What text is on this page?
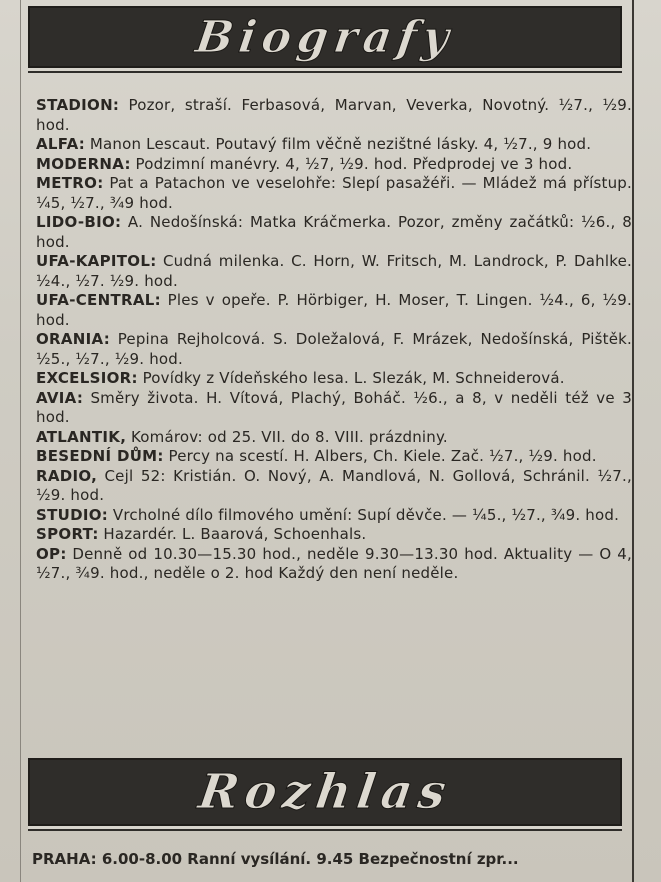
Biografy

STADION: Pozor, straší. Ferbasová, Marvan, Veverka, Novotný. ½7., ½9. hod.

ALFA: Manon Lescaut. Poutavý film věčně nezištné lásky. 4, ½7., 9 hod.

MODERNA: Podzimní manévry. 4, ½7, ½9. hod. Předprodej ve 3 hod.

METRO: Pat a Patachon ve veselohře: Slepí pasažéři. — Mládež má přístup. ¼5, ½7., ¾9 hod.

LIDO-BIO: A. Nedošínská: Matka Kráčmerka. Pozor, změny začátků: ½6., 8 hod.

UFA-KAPITOL: Cudná milenka. C. Horn, W. Fritsch, M. Landrock, P. Dahlke. ½4., ½7. ½9. hod.

UFA-CENTRAL: Ples v opeře. P. Hörbiger, H. Moser, T. Lingen. ½4., 6, ½9. hod.

ORANIA: Pepina Rejholcová. S. Doležalová, F. Mrázek, Nedošínská, Pištěk. ½5., ½7., ½9. hod.

EXCELSIOR: Povídky z Vídeňského lesa. L. Slezák, M. Schneiderová.

AVIA: Směry života. H. Vítová, Plachý, Boháč. ½6., a 8, v neděli též ve 3 hod.

ATLANTIK, Komárov: od 25. VII. do 8. VIII. prázdniny.

BESEDNÍ DŮM: Percy na scestí. H. Albers, Ch. Kiele. Zač. ½7., ½9. hod.

RADIO, Cejl 52: Kristián. O. Nový, A. Mandlová, N. Gollová, Schránil. ½7., ½9. hod.

STUDIO: Vrcholné dílo filmového umění: Supí děvče. — ¼5., ½7., ¾9. hod.

SPORT: Hazardér. L. Baarová, Schoenhals.

OP: Denně od 10.30—15.30 hod., neděle 9.30—13.30 hod. Aktuality — O 4, ½7., ¾9. hod., neděle o 2. hod Každý den není neděle.

Rozhlas
PRAHA: 6.00-8.00 Ranní vysílání. 9.45 Bezpečnostní zpr...
